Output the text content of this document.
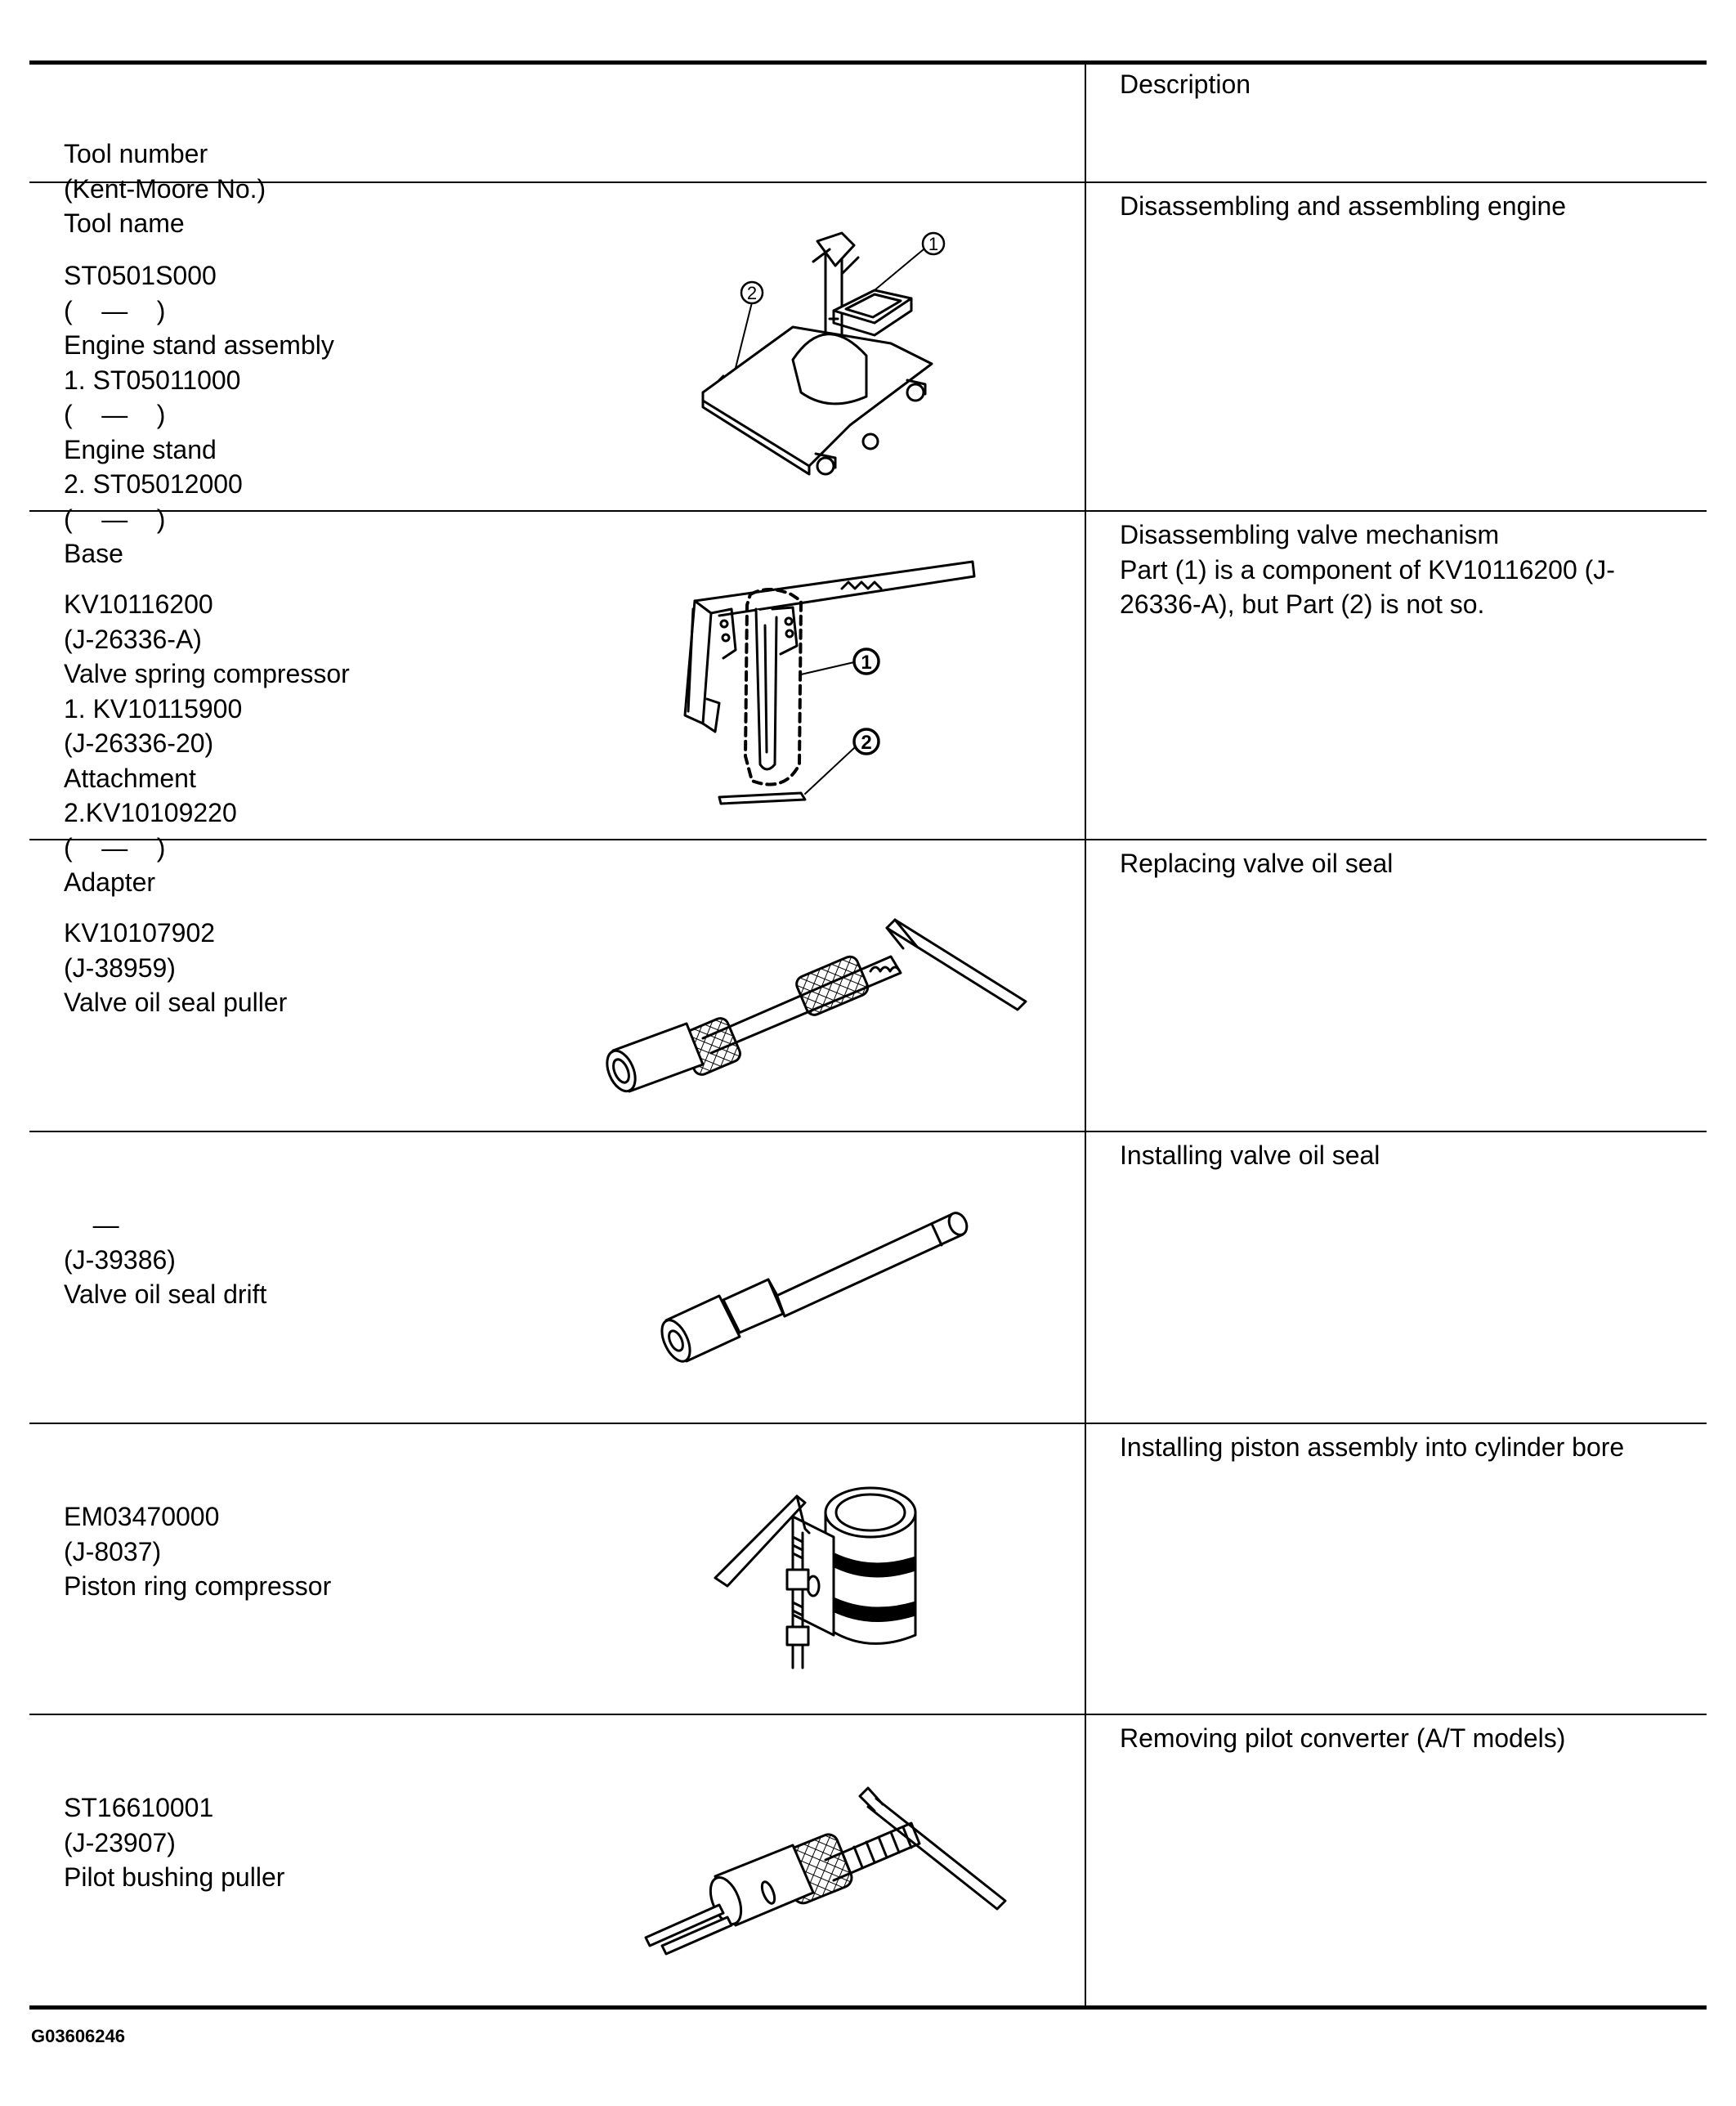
Tool number
(Kent-Moore No.)
Tool name

Description

ST0501S000
(    —    )
Engine stand assembly
1. ST05011000
(    —    )
Engine stand
2. ST05012000
(    —    )
Base

Disassembling and assembling engine
1
2

KV10116200
(J-26336-A)
Valve spring compressor
1. KV10115900
(J-26336-20)
Attachment
2.KV10109220
(    —    )
Adapter

Disassembling valve mechanism
Part (1) is a component of KV10116200 (J-
26336-A), but Part (2) is not so.
1
2

KV10107902
(J-38959)
Valve oil seal puller

Replacing valve oil seal

—
(J-39386)
Valve oil seal drift

Installing valve oil seal

EM03470000
(J-8037)
Piston ring compressor

Installing piston assembly into cylinder bore

ST16610001
(J-23907)
Pilot bushing puller

Removing pilot converter (A/T models)
G03606246
